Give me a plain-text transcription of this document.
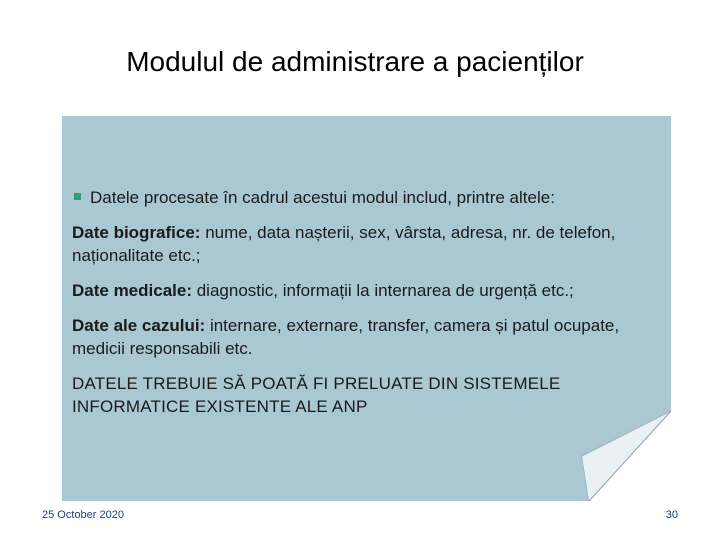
Modulul de administrare a pacienților

Datele procesate în cadrul acestui modul includ, printre altele:

Date biografice: nume, data nașterii, sex, vârsta, adresa, nr. de telefon, naționalitate etc.;

Date medicale: diagnostic, informații la internarea de urgență etc.;

Date ale cazului: internare, externare, transfer, camera și patul ocupate, medicii responsabili etc.

DATELE TREBUIE SĂ POATĂ FI PRELUATE DIN SISTEMELE INFORMATICE EXISTENTE ALE ANP

25 October 2020	30
